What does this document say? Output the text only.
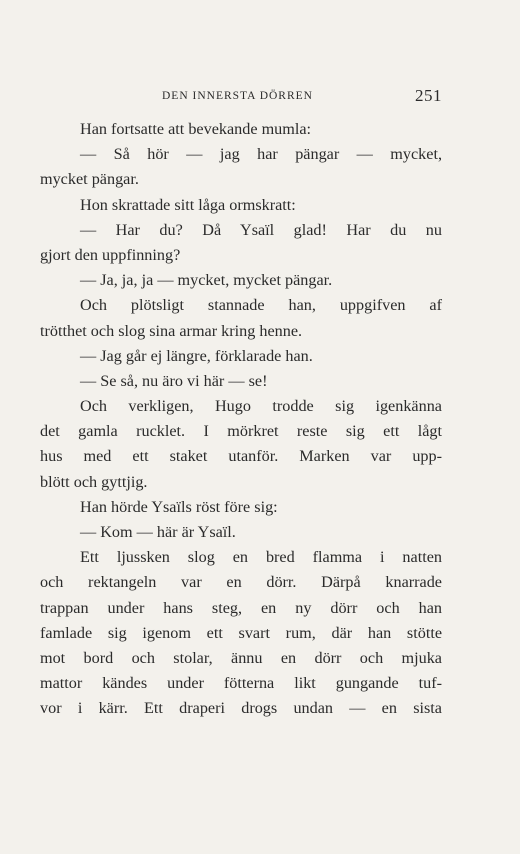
DEN INNERSTA DÖRREN	251
Han fortsatte att bevekande mumla:
— Så hör — jag har pängar — mycket,
mycket pängar.
Hon skrattade sitt låga ormskratt:
— Har du? Då Ysaïl glad! Har du nu
gjort den uppfinning?
— Ja, ja, ja — mycket, mycket pängar.
Och plötsligt stannade han, uppgifven af
trötthet och slog sina armar kring henne.
— Jag går ej längre, förklarade han.
— Se så, nu äro vi här — se!
Och verkligen, Hugo trodde sig igenkänna
det gamla rucklet. I mörkret reste sig ett lågt
hus med ett staket utanför. Marken var upp-
blött och gyttjig.
Han hörde Ysaïls röst före sig:
— Kom — här är Ysaïl.
Ett ljussken slog en bred flamma i natten
och rektangeln var en dörr. Därpå knarrade
trappan under hans steg, en ny dörr och han
famlade sig igenom ett svart rum, där han stötte
mot bord och stolar, ännu en dörr och mjuka
mattor kändes under fötterna likt gungande tuf-
vor i kärr. Ett draperi drogs undan — en sista
